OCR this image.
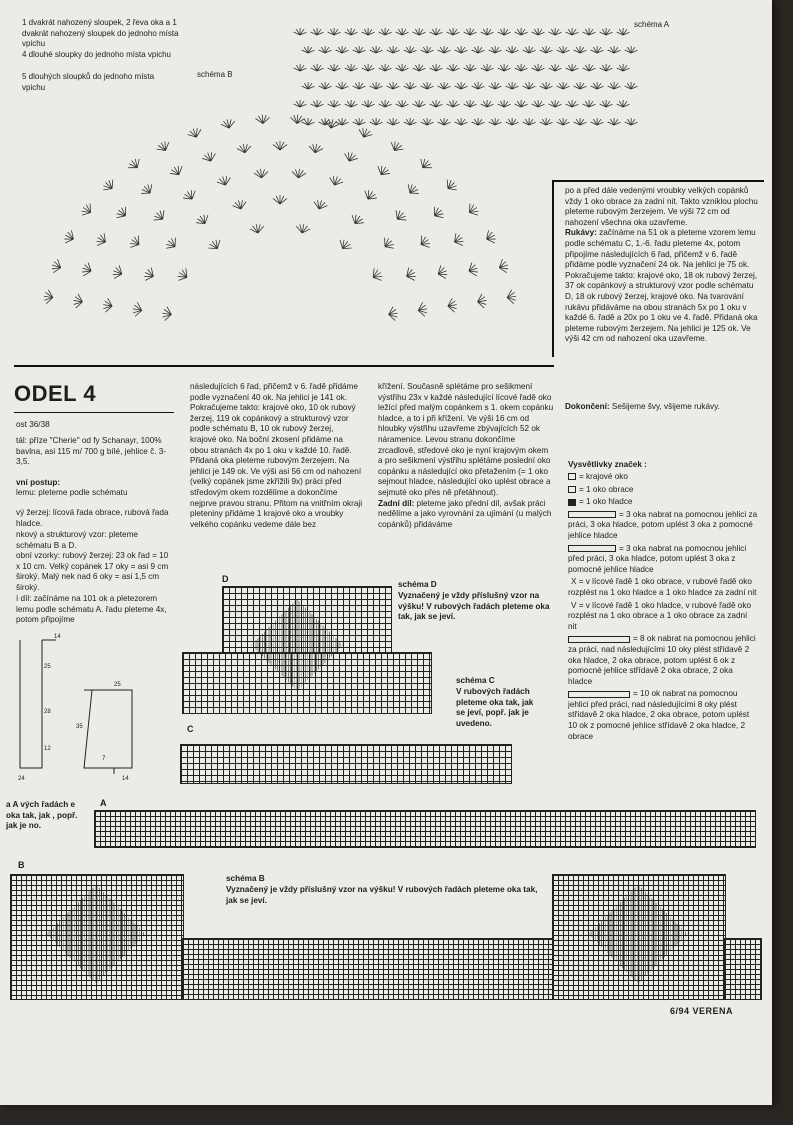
1 dvakrát nahozený sloupek, 2 řeva oka a 1 dvakrát nahozený sloupek do jednoho místa vpichu
4 dlouhé sloupky do jednoho místa vpichu
5 dlouhých sloupků do jednoho místa vpichu
schéma B
schéma A
po a před dále vedenými vroubky velkých copánků vždy 1 oko obrace za zadní nit. Takto vzniklou plochu pleteme rubovým žerzejem. Ve výši 72 cm od nahození všechna oka uzavřeme.
Rukávy: začínáme na 51 ok a pleteme vzorem lemu podle schématu C, 1.-6. řadu pleteme 4x, potom připojíme následujících 6 řad, přičemž v 6. řadě přidáme podle vyznačení 24 ok. Na jehlici je 75 ok. Pokračujeme takto: krajové oko, 18 ok rubový žerzej, 37 ok copánkový a strukturový vzor podle schématu D, 18 ok rubový žerzej, krajové oko. Na tvarování rukávu přidáváme na obou stranách 5x po 1 oku v každé 6. řadě a 20x po 1 oku ve 4. řadě. Přidaná oka pleteme rubovým žerzejem. Na jehlici je 125 ok. Ve výši 42 cm od nahození oka uzavřeme.
Dokončení: Sešijeme švy, všijeme rukávy.
ODEL 4
ost 36/38
tál: příze "Cherie" od fy Schanayr, 100% bavlna, asi 115 m/ 700 g bílé, jehlice č. 3-3,5.
vní postup:
lemu: pleteme podle schématu
vý žerzej: lícová řada obrace, rubová řada hladce.
nkový a strukturový vzor: pleteme schématu B a D.
obní vzorky: rubový žerzej: 23 ok řad = 10 x 10 cm. Velký copánek 17 oky = asi 9 cm široký. Malý nek nad 6 oky = asi 1,5 cm široký.
í díl: začínáme na 101 ok a pletezorem lemu podle schématu A. řadu pleteme 4x, potom připojíme
následujících 6 řad, přičemž v 6. řadě přidáme podle vyznačení 40 ok. Na jehlici je 141 ok. Pokračujeme takto: krajové oko, 10 ok rubový žerzej, 119 ok copánkový a strukturový vzor podle schématu B, 10 ok rubový žerzej, krajové oko. Na boční zkosení přidáme na obou stranách 4x po 1 oku v každé 10. řadě. Přidaná oka pleteme rubovým žerzejem. Na jehlici je 149 ok. Ve výši asi 56 cm od nahození (velký copánek jsme zkřížili 9x) práci před středovým okem rozdělíme a dokončíme nejprve pravou stranu. Přitom na vnitřním okraji pleteniny přidáme 1 krajové oko a vroubky velkého copánku vedeme dále bez
křížení. Současně splétáme pro sešikmení výstřihu 23x v každé následující lícové řadě oko ležící před malým copánkem s 1. okem copánku hladce, a to i při křížení. Ve výši 16 cm od hloubky výstřihu uzavřeme zbývajících 52 ok náramenice. Levou stranu dokončíme zrcadlově, středové oko je nyní krajovým okem a pro sešikmení výstřihu splétáme poslední oko copánku a následující oko přetažením (= 1 oko sejmout hladce, následující oko uplést obrace a sejmuté oko přes ně přetáhnout).
Zadní díl: pleteme jako přední díl, avšak práci nedělíme a jako vyrovnání za ujímání (u malých copánků) přidáváme
Vysvětlivky značek :
= krajové oko
= 1 oko obrace
= 1 oko hladce
= 3 oka nabrat na pomocnou jehlici za práci, 3 oka hladce, potom uplést 3 oka z pomocné jehlice hladce
= 3 oka nabrat na pomocnou jehlici před práci, 3 oka hladce, potom uplést 3 oka z pomocné jehlice hladce
X = v lícové řadě 1 oko obrace, v rubové řadě oko rozplést na 1 oko hladce a 1 oko hladce za zadní nit
V = v lícové řadě 1 oko hladce, v rubové řadě oko rozplést na 1 oko obrace a 1 oko obrace za zadní nit
= 8 ok nabrat na pomocnou jehlici za práci, nad následujícími 10 oky plést střídavě 2 oka hladce, 2 oka obrace, potom uplést 6 ok z pomocné jehlice střídavě 2 oka obrace, 2 oka hladce
= 10 ok nabrat na pomocnou jehlici před práci, nad následujícími 8 oky plést střídavě 2 oka hladce, 2 oka obrace, potom uplést 10 ok z pomocné jehlice střídavě 2 oka hladce, 2 obrace
14
25
25
28
35
12
24	14
7
D
schéma D
Vyznačený je vždy příslušný vzor na výšku! V rubových řadách pleteme oka tak, jak se jeví.
C
schéma C
V rubových řadách pleteme oka tak, jak se jeví, popř. jak je uvedeno.
A
a A vých řadách e oka tak, jak , popř. jak je no.
B
schéma B
Vyznačený je vždy příslušný vzor na výšku! V rubových řadách pleteme oka tak, jak se jeví.
6/94 VERENA
